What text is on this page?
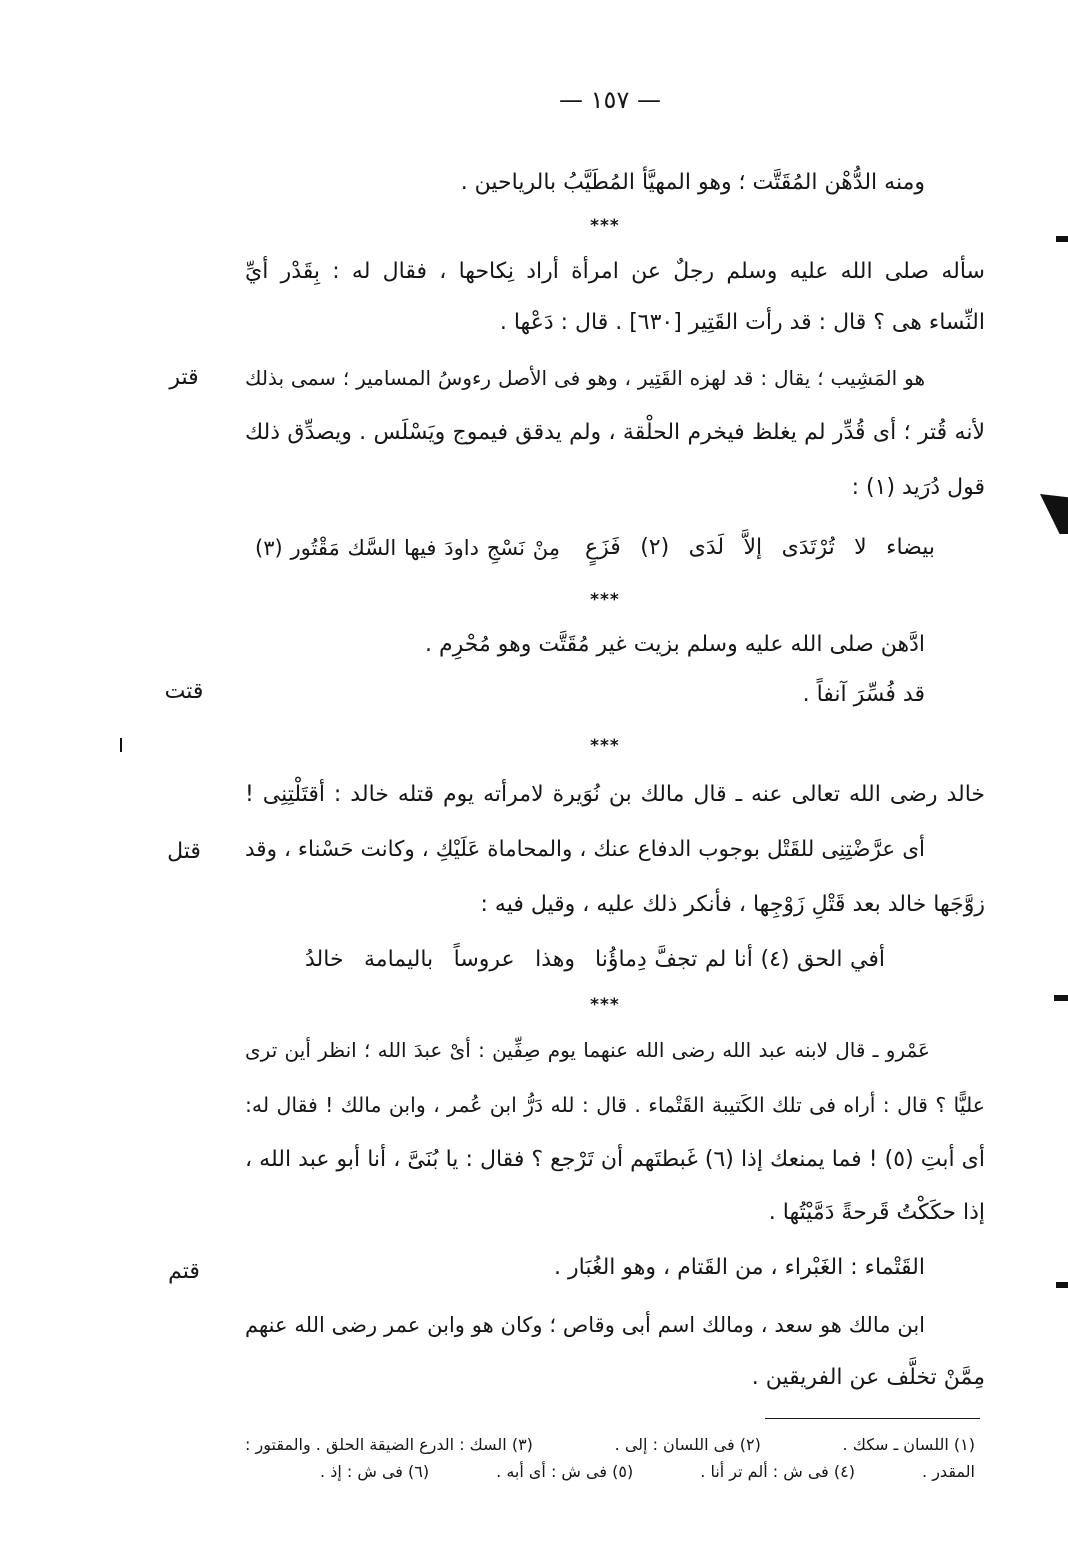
— ١٥٧ —
ومنه الدُّهْن المُقَتَّت ؛ وهو المهيَّأ المُطَيَّبُ بالرياحين .
***
سأله صلى الله عليه وسلم رجلٌ عن امرأة أراد نِكاحها ، فقال له : بِقَدْر أيِّ
النِّساء هى ؟ قال : قد رأت القَتِير [٦٣٠] . قال : دَعْها .
قتر	هو المَشِيب ؛ يقال : قد لهزه القَتِير ، وهو فى الأصل رءوسُ المسامير ؛ سمى بذلك
لأنه قُتر ؛ أى قُدِّر لم يغلظ فيخرم الحلْقة ، ولم يدقق فيموج ويَسْلَس . ويصدِّق ذلك
قول دُرَيد (١) :
بيضاء لا تُرْتَدَى إلاَّ لَدَى (٢) فَزَعٍ
مِنْ نَسْجِ داودَ فيها السَّك مَقْتُور (٣)
***
ادَّهن صلى الله عليه وسلم بزيت غير مُقَتَّت وهو مُحْرِم .
قتت	قد فُسِّرَ آنفاً .
***
خالد رضى الله تعالى عنه ـ قال مالك بن نُوَيرة لامرأته يوم قتله خالد : أقتَلْتِنِى !
قتل	أى عرَّضْتِنِى للقَتْل بوجوب الدفاع عنك ، والمحاماة عَلَيْكِ ، وكانت حَسْناء ، وقد
زوَّجَها خالد بعد قَتْلِ زَوْجِها ، فأنكر ذلك عليه ، وقيل فيه :
أفي الحق (٤) أنا لم تجفَّ دِماؤُنا
وهذا عروساً باليمامة خالدُ
***
عَمْرو ـ قال لابنه عبد الله رضى الله عنهما يوم صِفِّين : أىْ عبدَ الله ؛ انظر أين ترى
عليًّا ؟ قال : أراه فى تلك الكَتيبة القَتْماء . قال : لله دَرُّ ابن عُمر ، وابن مالك ! فقال له:
أى أبتِ (٥) ! فما يمنعك إذا (٦) غَبطتَهم أن تَرْجع ؟ فقال : يا بُنَىَّ ، أنا أبو عبد الله ،
إذا حكَكْتُ قَرحةً دَمَّيْتُها .
قتم	القَتْماء : الغَبْراء ، من القَتام ، وهو الغُبَار .
ابن مالك هو سعد ، ومالك اسم أبى وقاص ؛ وكان هو وابن عمر رضى الله عنهم
مِمَّنْ تخلَّف عن الفريقين .
(١) اللسان ـ سكك .
(٢) فى اللسان : إلى .
(٣) السك : الدرع الضيقة الحلق . والمقتور :
المقدر .
(٤) فى ش : ألم تر أنا .
(٥) فى ش : أى أبه .
(٦) فى ش : إذ .
